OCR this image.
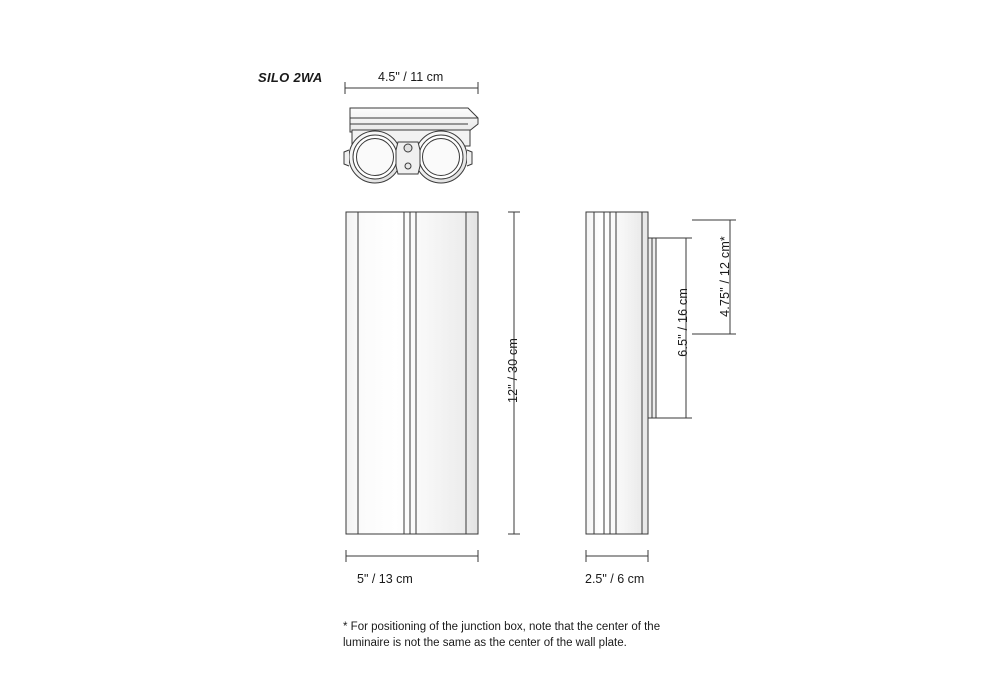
SILO 2WA	4.5" / 11 cm
5" / 13 cm	2.5" / 6 cm
12" / 30 cm
6.5" / 16 cm
4.75" / 12 cm*
* For positioning of the junction box, note that the center of the
luminaire is not the same as the center of the wall plate.
